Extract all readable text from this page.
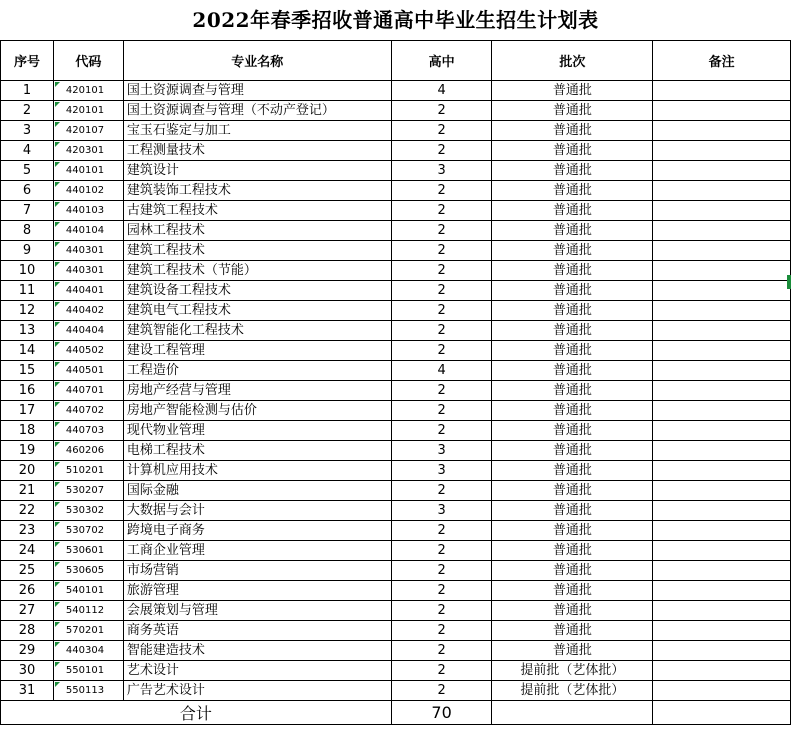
2022年春季招收普通高中毕业生招生计划表
序号	代码	专业名称	高中	批次	备注
1	420101	国土资源调查与管理	4	普通批	
2	420101	国土资源调查与管理（不动产登记）	2	普通批	
3	420107	宝玉石鉴定与加工	2	普通批	
4	420301	工程测量技术	2	普通批	
5	440101	建筑设计	3	普通批	
6	440102	建筑装饰工程技术	2	普通批	
7	440103	古建筑工程技术	2	普通批	
8	440104	园林工程技术	2	普通批	
9	440301	建筑工程技术	2	普通批	
10	440301	建筑工程技术（节能）	2	普通批	
11	440401	建筑设备工程技术	2	普通批	
12	440402	建筑电气工程技术	2	普通批	
13	440404	建筑智能化工程技术	2	普通批	
14	440502	建设工程管理	2	普通批	
15	440501	工程造价	4	普通批	
16	440701	房地产经营与管理	2	普通批	
17	440702	房地产智能检测与估价	2	普通批	
18	440703	现代物业管理	2	普通批	
19	460206	电梯工程技术	3	普通批	
20	510201	计算机应用技术	3	普通批	
21	530207	国际金融	2	普通批	
22	530302	大数据与会计	3	普通批	
23	530702	跨境电子商务	2	普通批	
24	530601	工商企业管理	2	普通批	
25	530605	市场营销	2	普通批	
26	540101	旅游管理	2	普通批	
27	540112	会展策划与管理	2	普通批	
28	570201	商务英语	2	普通批	
29	440304	智能建造技术	2	普通批	
30	550101	艺术设计	2	提前批（艺体批）	
31	550113	广告艺术设计	2	提前批（艺体批）	
合计			70		
